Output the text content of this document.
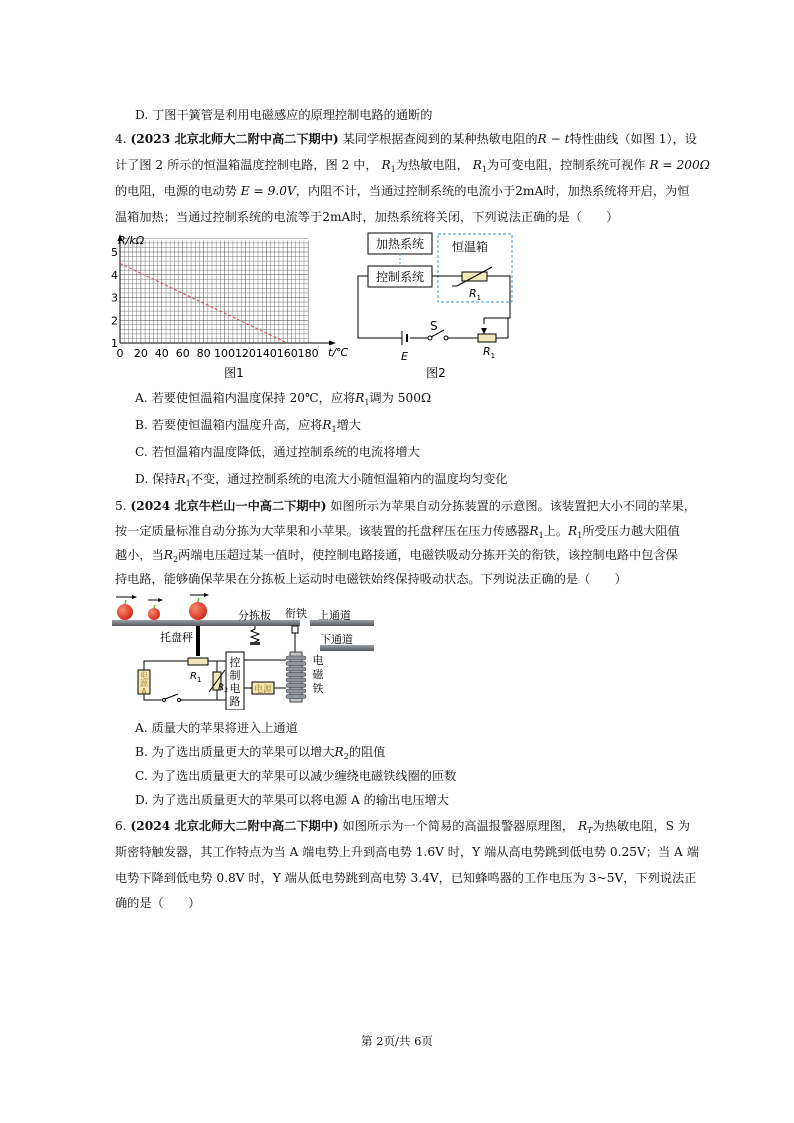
D. 丁图干簧管是利用电磁感应的原理控制电路的通断的
4. (2023 北京北师大二附中高二下期中) 某同学根据查阅到的某种热敏电阻的R − t特性曲线（如图 1），设
计了图 2 所示的恒温箱温度控制电路，图 2 中， $R_1$为热敏电阻， $R_1$为可变电阻，控制系统可视作 R = 200Ω
的电阻，电源的电动势 E = 9.0V，内阻不计，当通过控制系统的电流小于2mA时，加热系统将开启，为恒
温箱加热；当通过控制系统的电流等于2mA时，加热系统将关闭，下列说法正确的是（　　）
R/kΩ
t/℃
1
2
3
4
5
0 20 40 60 80 100 120 140 160 180
图1
加热系统 恒温箱
控制系统
$R_1$
E
S
$R_1$
图2
A. 若要使恒温箱内温度保持 20℃，应将$R_1$调为 500Ω
B. 若要使恒温箱内温度升高，应将$R_1$增大
C. 若恒温箱内温度降低，通过控制系统的电流将增大
D. 保持$R_1$不变，通过控制系统的电流大小随恒温箱内的温度均匀变化
5. (2024 北京牛栏山一中高二下期中) 如图所示为苹果自动分拣装置的示意图。该装置把大小不同的苹果，
按一定质量标准自动分拣为大苹果和小苹果。该装置的托盘秤压在压力传感器$R_1$上。$R_1$所受压力越大阻值
越小，当$R_2$两端电压超过某一值时，使控制电路接通，电磁铁吸动分拣开关的衔铁，该控制电路中包含保
持电路，能够确保苹果在分拣板上运动时电磁铁始终保持吸动状态。下列说法正确的是（　　）
托盘秤
分拣板 衔铁 上通道
下通道
$R_1$
控
制
电
路
电
源
A	$R_2$	电源
电
磁
铁
A. 质量大的苹果将进入上通道
B. 为了选出质量更大的苹果可以增大$R_2$的阻值
C. 为了选出质量更大的苹果可以减少缠绕电磁铁线圈的匝数
D. 为了选出质量更大的苹果可以将电源 A 的输出电压增大
6. (2024 北京北师大二附中高二下期中) 如图所示为一个简易的高温报警器原理图， $R_T$为热敏电阻，S 为
斯密特触发器，其工作特点为当 A 端电势上升到高电势 1.6V 时，Y 端从高电势跳到低电势 0.25V；当 A 端
电势下降到低电势 0.8V 时，Y 端从低电势跳到高电势 3.4V，已知蜂鸣器的工作电压为 3~5V，下列说法正
确的是（　　）
第 2页/共 6页
